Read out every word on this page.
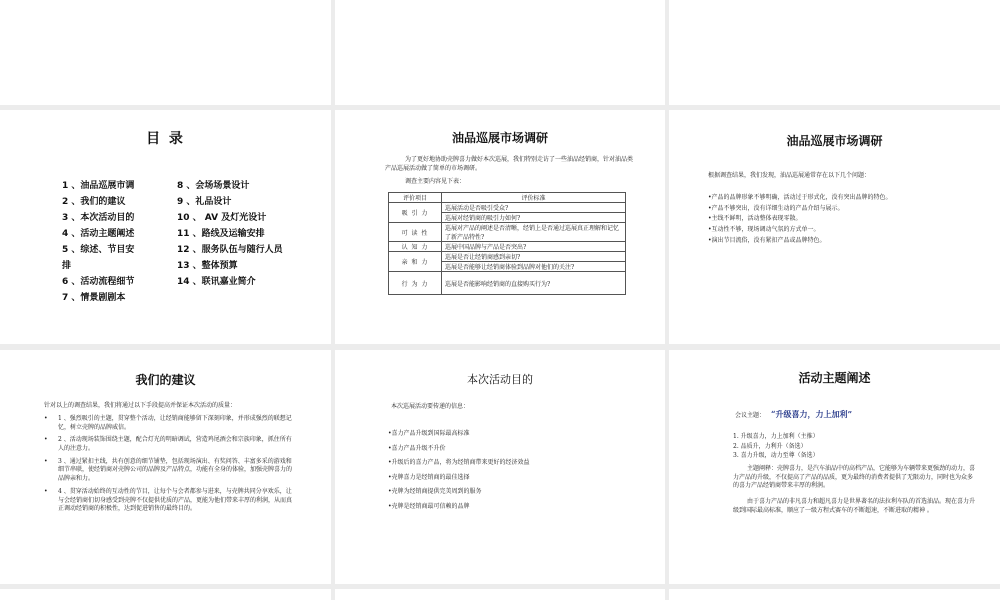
目 录
1 、油品巡展市调
2 、我们的建议
3 、本次活动目的
4 、活动主题阐述
5 、综述、节目安
排
6 、活动流程细节
7 、情景剧剧本
8 、会场场景设计
9 、礼品设计
10 、 AV 及灯光设计
11 、路线及运输安排
12 、服务队伍与随行人员
13 、整体预算
14 、联讯嘉业简介
油品巡展市场调研
为了更好地协助壳牌喜力做好本次巡展，我们特别走访了一些油品经销商，针对油品类产品巡展活动做了简单的市场调研。
调查主要内容见下表：
评价项目	评价标准
吸 引 力	巡展活动是否吸引受众?
	巡展对经销商的吸引力如何?
可 读 性	巡展对产品的阐述是否清晰，经销上是否通过巡展真正理解和记忆了新产品特性?
认 知 力	巡展中国品牌与产品是否突出?
亲 和 力	巡展是否让经销商感到亲切?
	巡展是否能够让经销商体验到品牌对他们的关注?
行 为 力	巡展是否能影响经销商的直接购买行为?
油品巡展市场调研
根据调查结果，我们发现，油品巡展通常存在以下几个问题：
•产品的品牌形象不够明确，活动过于形式化，没有突出品牌的特色。
•产品不够突出，没有详细生动的产品介绍与展示。
•主线不鲜明，活动整体表现零散。
•互动性不够，现场调动气氛的方式单一。
•演出节目流俗，没有紧扣产品或品牌特色。
我们的建议
针对以上的调查结果，我们将通过以下手段提高并保证本次活动的质量：
•	1 、强烈吸引的主题，贯穿整个活动，让经销商能够留下深刻印象，并形成强烈的联想记忆，树立壳牌的品牌威信。
•	2 、活动现场装饰围绕主题，配合灯光的明暗调试，营造鸡尾酒会和宗族印象，抓住所有人的注意力。
•	3 、通过紧扣主线，共有创意的细节铺垫，包括现场演出、有奖问答、丰富多采的游戏和细节串联，使经销商对壳牌公司的品牌及产品特点，功能有全身的体验，加强壳牌喜力的品牌亲和力。
•	4 、贯穿活动始终的互动性的节目，让每个与会者都参与进来，与壳牌共同分享欢乐，让与会经销商们切身感受到壳牌不仅提供优质的产品，更能为他们带来丰厚的利润，从而真正调动经销商的积极性，达到促进销售的最终目的。
本次活动目的
本次巡展活动要传递的信息：
•喜力产品升级到国际最高标准
•喜力产品升级不升价
•升级后的喜力产品，将为经销商带来更好的经济效益
•壳牌喜力是经销商的最佳选择
•壳牌为经销商提供完美周到的服务
•壳牌是经销商最可信赖的品牌
活动主题阐述
会议主题： “升级喜力，力上加利”
1. 升级喜力，力上加利（主推）
2. 品质升，力利升（备选）
3. 喜力升级，动力至尊（备选）
主题阐释：壳牌喜力，是汽车油品中的高档产品，它能够为车辆带来更强劲的动力，喜力产品的升级，不仅提高了产品的品质，更为最终的消费者提供了无限动力，同时也为众多的喜力产品经销商带来丰厚的利润。
由于喜力产品的非凡喜力和超凡喜力是世界著名的法拉利车队的首选油品。现在喜力升级到国际最高标准，顺应了一级方程式赛车的不断超速，不断进取的精神 。
